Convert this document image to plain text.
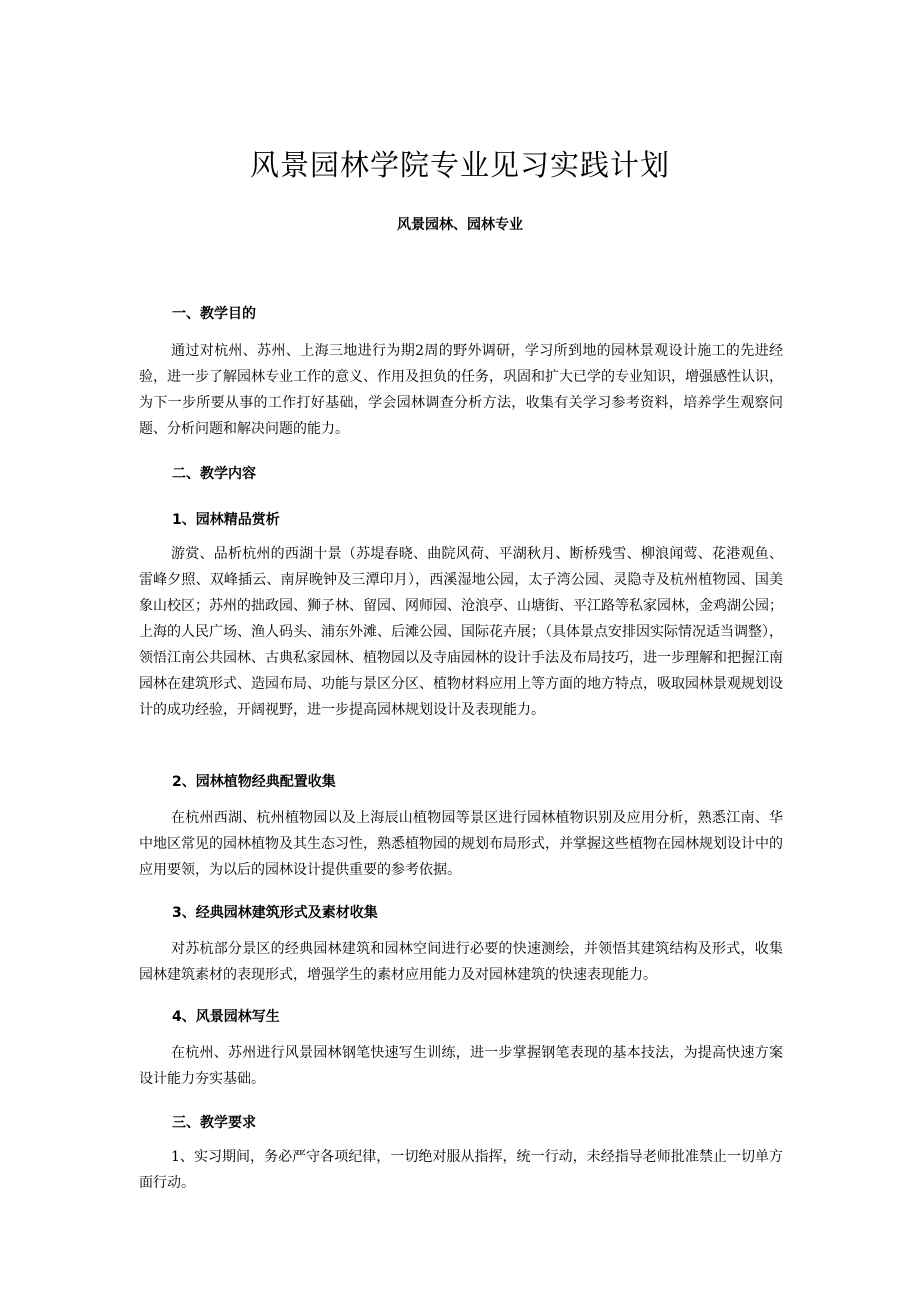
风景园林学院专业见习实践计划
风景园林、园林专业
一、教学目的

通过对杭州、苏州、上海三地进行为期2周的野外调研，学习所到地的园林景观设计施工的先进经验，进一步了解园林专业工作的意义、作用及担负的任务，巩固和扩大已学的专业知识，增强感性认识，为下一步所要从事的工作打好基础，学会园林调查分析方法，收集有关学习参考资料，培养学生观察问题、分析问题和解决问题的能力。

二、教学内容
1、园林精品赏析

游赏、品析杭州的西湖十景（苏堤春晓、曲院风荷、平湖秋月、断桥残雪、柳浪闻莺、花港观鱼、雷峰夕照、双峰插云、南屏晚钟及三潭印月），西溪湿地公园，太子湾公园、灵隐寺及杭州植物园、国美象山校区；苏州的拙政园、狮子林、留园、网师园、沧浪亭、山塘街、平江路等私家园林，金鸡湖公园；上海的人民广场、渔人码头、浦东外滩、后滩公园、国际花卉展；（具体景点安排因实际情况适当调整），领悟江南公共园林、古典私家园林、植物园以及寺庙园林的设计手法及布局技巧，进一步理解和把握江南园林在建筑形式、造园布局、功能与景区分区、植物材料应用上等方面的地方特点，吸取园林景观规划设计的成功经验，开阔视野，进一步提高园林规划设计及表现能力。

2、园林植物经典配置收集

在杭州西湖、杭州植物园以及上海辰山植物园等景区进行园林植物识别及应用分析，熟悉江南、华中地区常见的园林植物及其生态习性，熟悉植物园的规划布局形式，并掌握这些植物在园林规划设计中的应用要领，为以后的园林设计提供重要的参考依据。

3、经典园林建筑形式及素材收集

对苏杭部分景区的经典园林建筑和园林空间进行必要的快速测绘，并领悟其建筑结构及形式，收集园林建筑素材的表现形式，增强学生的素材应用能力及对园林建筑的快速表现能力。

4、风景园林写生

在杭州、苏州进行风景园林钢笔快速写生训练，进一步掌握钢笔表现的基本技法，为提高快速方案设计能力夯实基础。

三、教学要求

1、实习期间，务必严守各项纪律，一切绝对服从指挥，统一行动，未经指导老师批准禁止一切单方面行动。
